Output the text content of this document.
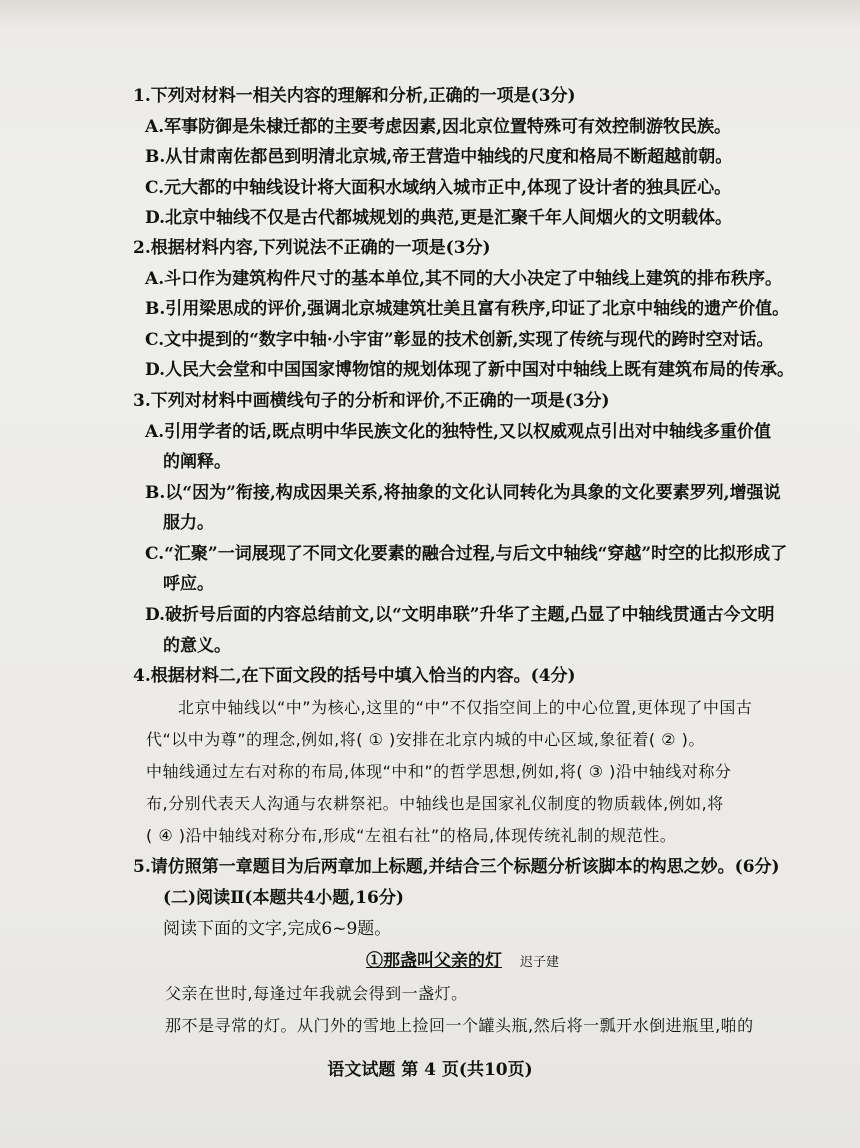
1.下列对材料一相关内容的理解和分析,正确的一项是(3分)
A.军事防御是朱棣迁都的主要考虑因素,因北京位置特殊可有效控制游牧民族。
B.从甘肃南佐都邑到明清北京城,帝王营造中轴线的尺度和格局不断超越前朝。
C.元大都的中轴线设计将大面积水域纳入城市正中,体现了设计者的独具匠心。
D.北京中轴线不仅是古代都城规划的典范,更是汇聚千年人间烟火的文明载体。
2.根据材料内容,下列说法不正确的一项是(3分)
A.斗口作为建筑构件尺寸的基本单位,其不同的大小决定了中轴线上建筑的排布秩序。
B.引用梁思成的评价,强调北京城建筑壮美且富有秩序,印证了北京中轴线的遗产价值。
C.文中提到的“数字中轴·小宇宙”彰显的技术创新,实现了传统与现代的跨时空对话。
D.人民大会堂和中国国家博物馆的规划体现了新中国对中轴线上既有建筑布局的传承。
3.下列对材料中画横线句子的分析和评价,不正确的一项是(3分)
A.引用学者的话,既点明中华民族文化的独特性,又以权威观点引出对中轴线多重价值
的阐释。
B.以“因为”衔接,构成因果关系,将抽象的文化认同转化为具象的文化要素罗列,增强说
服力。
C.“汇聚”一词展现了不同文化要素的融合过程,与后文中轴线“穿越”时空的比拟形成了
呼应。
D.破折号后面的内容总结前文,以“文明串联”升华了主题,凸显了中轴线贯通古今文明
的意义。
4.根据材料二,在下面文段的括号中填入恰当的内容。(4分)
北京中轴线以“中”为核心,这里的“中”不仅指空间上的中心位置,更体现了中国古
代“以中为尊”的理念,例如,将( ① )安排在北京内城的中心区域,象征着( ② )。
中轴线通过左右对称的布局,体现“中和”的哲学思想,例如,将( ③ )沿中轴线对称分
布,分别代表天人沟通与农耕祭祀。中轴线也是国家礼仪制度的物质载体,例如,将
( ④ )沿中轴线对称分布,形成“左祖右社”的格局,体现传统礼制的规范性。
5.请仿照第一章题目为后两章加上标题,并结合三个标题分析该脚本的构思之妙。(6分)
(二)阅读Ⅱ(本题共4小题,16分)
阅读下面的文字,完成6~9题。
①那盏叫父亲的灯 迟子建
父亲在世时,每逢过年我就会得到一盏灯。
那不是寻常的灯。从门外的雪地上捡回一个罐头瓶,然后将一瓢开水倒进瓶里,啪的
语文试题 第 4 页(共10页)
